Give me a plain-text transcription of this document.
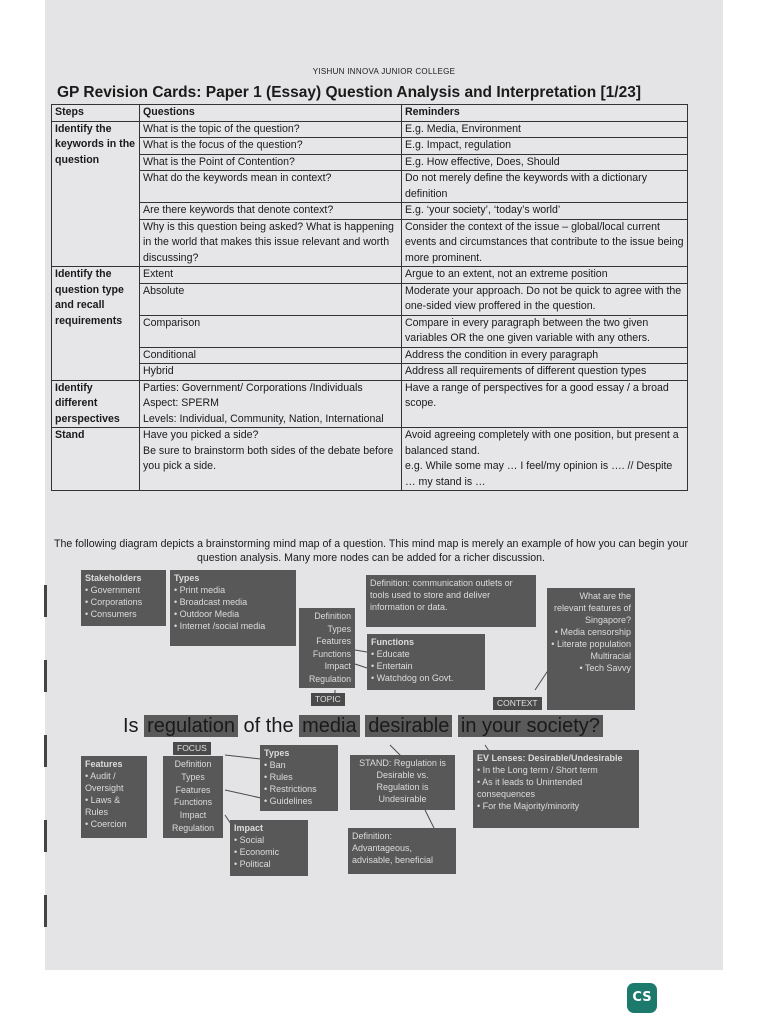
YISHUN INNOVA JUNIOR COLLEGE
GP Revision Cards: Paper 1 (Essay) Question Analysis and Interpretation [1/23]
Steps	Questions	Reminders
Identify the keywords in the question	What is the topic of the question?	E.g. Media, Environment
	What is the focus of the question?	E.g. Impact, regulation
	What is the Point of Contention?	E.g. How effective, Does, Should
	What do the keywords mean in context?	Do not merely define the keywords with a dictionary definition
	Are there keywords that denote context?	E.g. ‘your society’, ‘today’s world’
	Why is this question being asked? What is happening in the world that makes this issue relevant and worth discussing?	Consider the context of the issue – global/local current events and circumstances that contribute to the issue being more prominent.
Identify the question type and recall requirements	Extent	Argue to an extent, not an extreme position
	Absolute	Moderate your approach. Do not be quick to agree with the one-sided view proffered in the question.
	Comparison	Compare in every paragraph between the two given variables OR the one given variable with any others.
	Conditional	Address the condition in every paragraph
	Hybrid	Address all requirements of different question types
Identify different perspectives	Parties: Government/ Corporations /Individuals
Aspect: SPERM
Levels: Individual, Community, Nation, International	Have a range of perspectives for a good essay / a broad scope.
Stand	Have you picked a side?
Be sure to brainstorm both sides of the debate before you pick a side.	Avoid agreeing completely with one position, but present a balanced stand.
e.g. While some may … I feel/my opinion is …. // Despite … my stand is …
The following diagram depicts a brainstorming mind map of a question. This mind map is merely an example of how you can begin your question analysis. Many more nodes can be added for a richer discussion.
Stakeholders
• Government
• Corporations
• Consumers
Types
• Print media
• Broadcast media
• Outdoor Media
• Internet /social media
Definition
Types
Features
Functions
Impact
Regulation
TOPIC
Definition: communication outlets or tools used to store and deliver information or data.
Functions
• Educate
• Entertain
• Watchdog on Govt.
What are the relevant features of Singapore?
• Media censorship
• Literate population
Multiracial
• Tech Savvy
CONTEXT
Is regulation of the media desirable in your society?
FOCUS
Features
• Audit / Oversight
• Laws & Rules
• Coercion
Definition
Types
Features
Functions
Impact
Regulation
Types
• Ban
• Rules
• Restrictions
• Guidelines
Impact
• Social
• Economic
• Political
STAND: Regulation is Desirable vs. Regulation is Undesirable
EV Lenses: Desirable/Undesirable
• In the Long term / Short term
• As it leads to Unintended consequences
• For the Majority/minority
Definition: Advantageous, advisable, beneficial
CS
